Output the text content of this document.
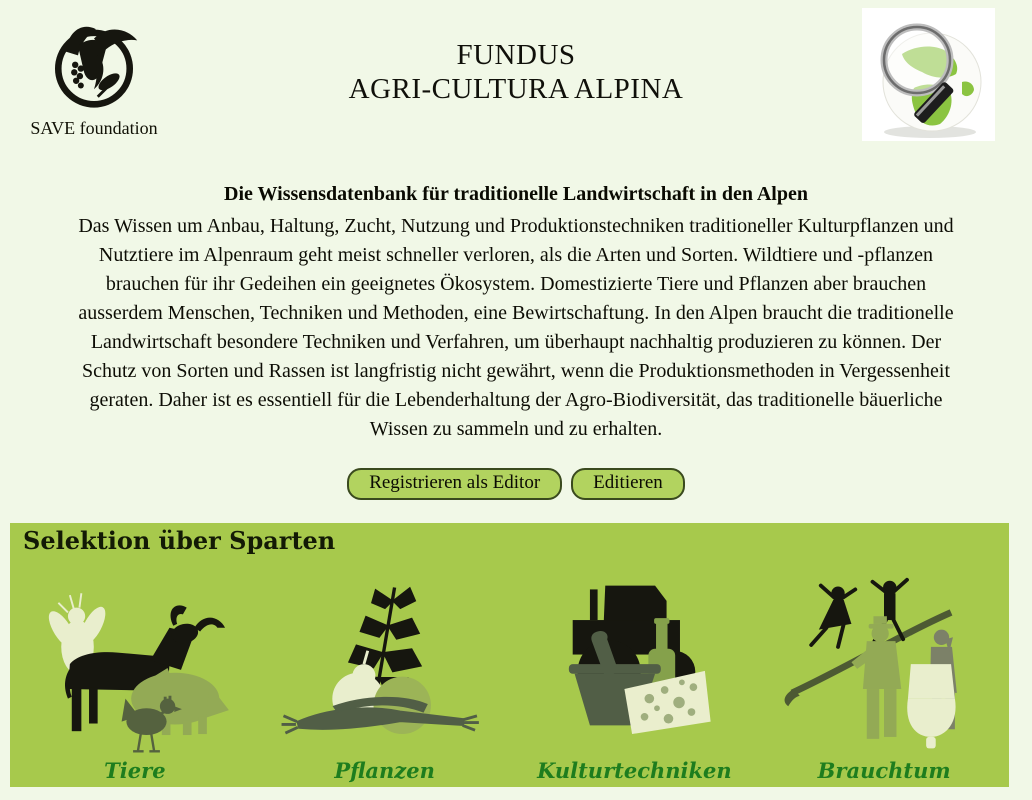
SAVE foundation
FUNDUS
AGRI-CULTURA ALPINA
Die Wissensdatenbank für traditionelle Landwirtschaft in den Alpen
Das Wissen um Anbau, Haltung, Zucht, Nutzung und Produktionstechniken traditioneller Kulturpflanzen und Nutztiere im Alpenraum geht meist schneller verloren, als die Arten und Sorten. Wildtiere und -pflanzen brauchen für ihr Gedeihen ein geeignetes Ökosystem. Domestizierte Tiere und Pflanzen aber brauchen ausserdem Menschen, Techniken und Methoden, eine Bewirtschaftung. In den Alpen braucht die traditionelle Landwirtschaft besondere Techniken und Verfahren, um überhaupt nachhaltig produzieren zu können. Der Schutz von Sorten und Rassen ist langfristig nicht gewährt, wenn die Produktionsmethoden in Vergessenheit geraten. Daher ist es essentiell für die Lebenderhaltung der Agro-Biodiversität, das traditionelle bäuerliche Wissen zu sammeln und zu erhalten.
Registrieren als Editor	Editieren
Selektion über Sparten
Tiere	Pflanzen	Kulturtechniken	Brauchtum
